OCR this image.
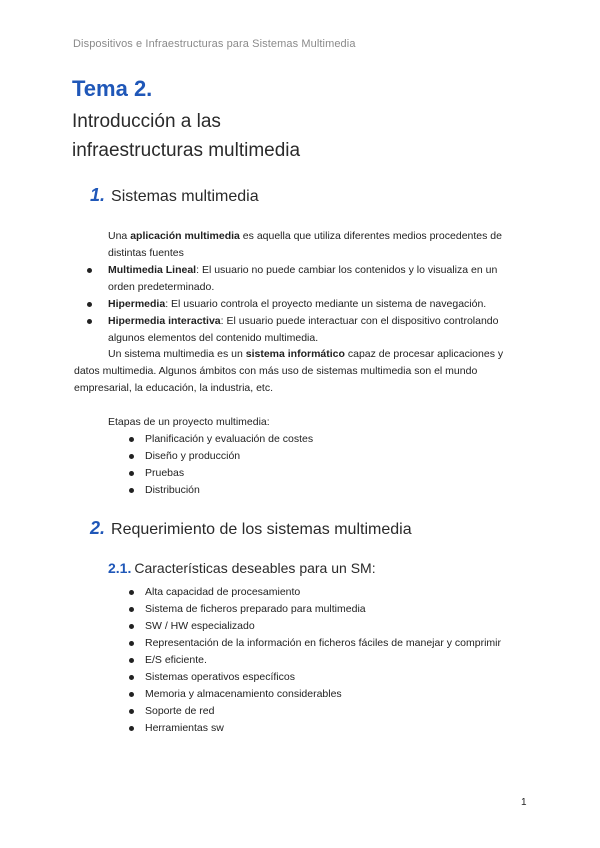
Dispositivos e Infraestructuras para Sistemas Multimedia
Tema 2.
Introducción a las
infraestructuras multimedia
1. Sistemas multimedia
Una aplicación multimedia es aquella que utiliza diferentes medios procedentes de distintas fuentes
Multimedia Lineal: El usuario no puede cambiar los contenidos y lo visualiza en un orden predeterminado.
Hipermedia: El usuario controla el proyecto mediante un sistema de navegación.
Hipermedia interactiva: El usuario puede interactuar con el dispositivo controlando algunos elementos del contenido multimedia.
Un sistema multimedia es un sistema informático capaz de procesar aplicaciones y datos multimedia. Algunos ámbitos con más uso de sistemas multimedia son el mundo empresarial, la educación, la industria, etc.
Etapas de un proyecto multimedia:
Planificación y evaluación de costes
Diseño y producción
Pruebas
Distribución
2. Requerimiento de los sistemas multimedia
2.1. Características deseables para un SM:
Alta capacidad de procesamiento
Sistema de ficheros preparado para multimedia
SW / HW especializado
Representación de la información en ficheros fáciles de manejar y comprimir
E/S eficiente.
Sistemas operativos específicos
Memoria y almacenamiento considerables
Soporte de red
Herramientas sw
1
